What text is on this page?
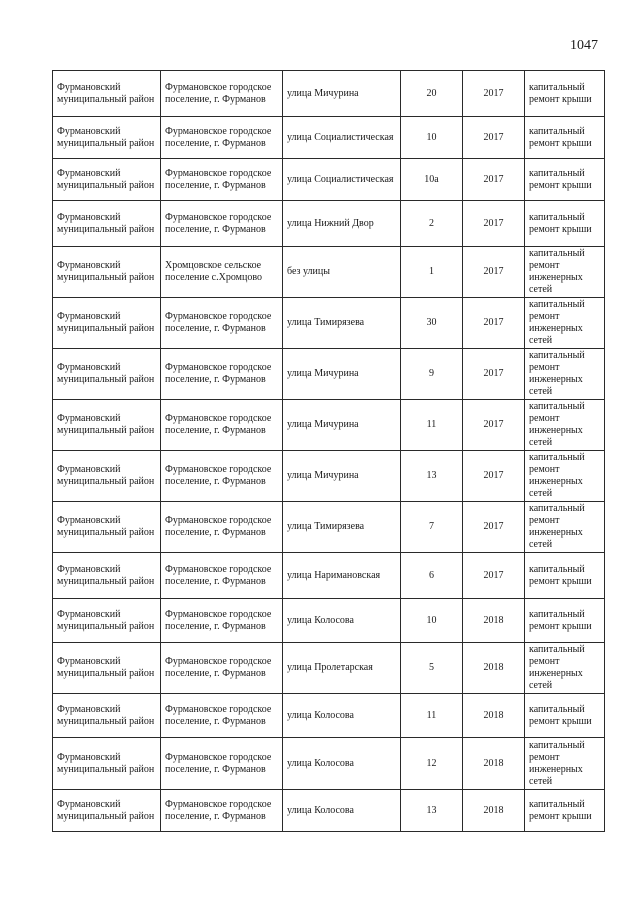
1047
Фурмановский муниципальный район	Фурмановское городское поселение, г. Фурманов	улица Мичурина	20	2017	капитальный ремонт крыши
Фурмановский муниципальный район	Фурмановское городское поселение, г. Фурманов	улица Социалистическая	10	2017	капитальный ремонт крыши
Фурмановский муниципальный район	Фурмановское городское поселение, г. Фурманов	улица Социалистическая	10а	2017	капитальный ремонт крыши
Фурмановский муниципальный район	Фурмановское городское поселение, г. Фурманов	улица Нижний Двор	2	2017	капитальный ремонт крыши
Фурмановский муниципальный район	Хромцовское сельское поселение с.Хромцово	без улицы	1	2017	капитальный ремонт инженерных сетей
Фурмановский муниципальный район	Фурмановское городское поселение, г. Фурманов	улица Тимирязева	30	2017	капитальный ремонт инженерных сетей
Фурмановский муниципальный район	Фурмановское городское поселение, г. Фурманов	улица Мичурина	9	2017	капитальный ремонт инженерных сетей
Фурмановский муниципальный район	Фурмановское городское поселение, г. Фурманов	улица Мичурина	11	2017	капитальный ремонт инженерных сетей
Фурмановский муниципальный район	Фурмановское городское поселение, г. Фурманов	улица Мичурина	13	2017	капитальный ремонт инженерных сетей
Фурмановский муниципальный район	Фурмановское городское поселение, г. Фурманов	улица Тимирязева	7	2017	капитальный ремонт инженерных сетей
Фурмановский муниципальный район	Фурмановское городское поселение, г. Фурманов	улица Наримановская	6	2017	капитальный ремонт крыши
Фурмановский муниципальный район	Фурмановское городское поселение, г. Фурманов	улица Колосова	10	2018	капитальный ремонт крыши
Фурмановский муниципальный район	Фурмановское городское поселение, г. Фурманов	улица Пролетарская	5	2018	капитальный ремонт инженерных сетей
Фурмановский муниципальный район	Фурмановское городское поселение, г. Фурманов	улица Колосова	11	2018	капитальный ремонт крыши
Фурмановский муниципальный район	Фурмановское городское поселение, г. Фурманов	улица Колосова	12	2018	капитальный ремонт инженерных сетей
Фурмановский муниципальный район	Фурмановское городское поселение, г. Фурманов	улица Колосова	13	2018	капитальный ремонт крыши
